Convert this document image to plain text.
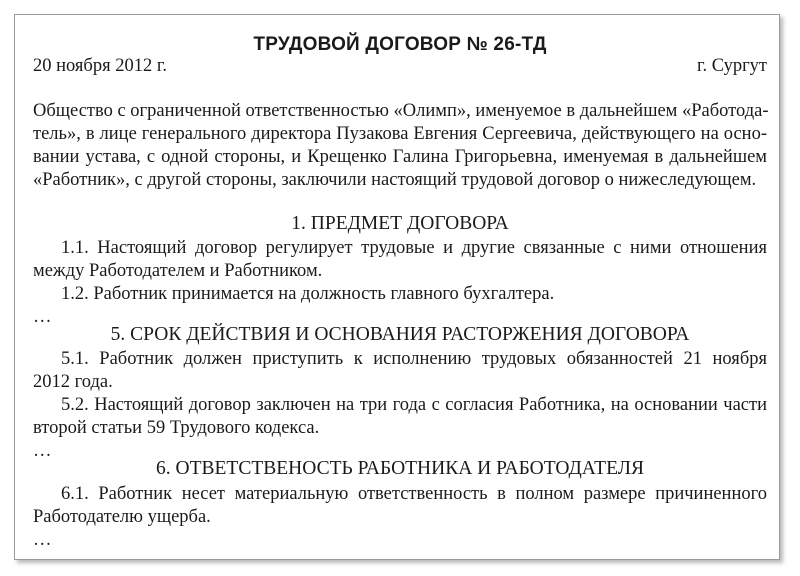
ТРУДОВОЙ ДОГОВОР № 26-ТД
20 ноября 2012 г.	г. Сургут
Общество с ограниченной ответственностью «Олимп», именуемое в дальнейшем «Работода-
тель», в лице генерального директора Пузакова Евгения Сергеевича, действующего на осно-
вании устава, с одной стороны, и Крещенко Галина Григорьевна, именуемая в дальнейшем
«Работник», с другой стороны, заключили настоящий трудовой договор о нижеследующем.
1. ПРЕДМЕТ ДОГОВОРА
1.1. Настоящий договор регулирует трудовые и другие связанные с ними отношения
между Работодателем и Работником.
1.2. Работник принимается на должность главного бухгалтера.
…
5. СРОК ДЕЙСТВИЯ И ОСНОВАНИЯ РАСТОРЖЕНИЯ ДОГОВОРА
5.1. Работник должен приступить к исполнению трудовых обязанностей 21 ноября
2012 года.
5.2. Настоящий договор заключен на три года с согласия Работника, на основании части
второй статьи 59 Трудового кодекса.
…
6. ОТВЕТСТВЕНОСТЬ РАБОТНИКА И РАБОТОДАТЕЛЯ
6.1. Работник несет материальную ответственность в полном размере причиненного
Работодателю ущерба.
…
